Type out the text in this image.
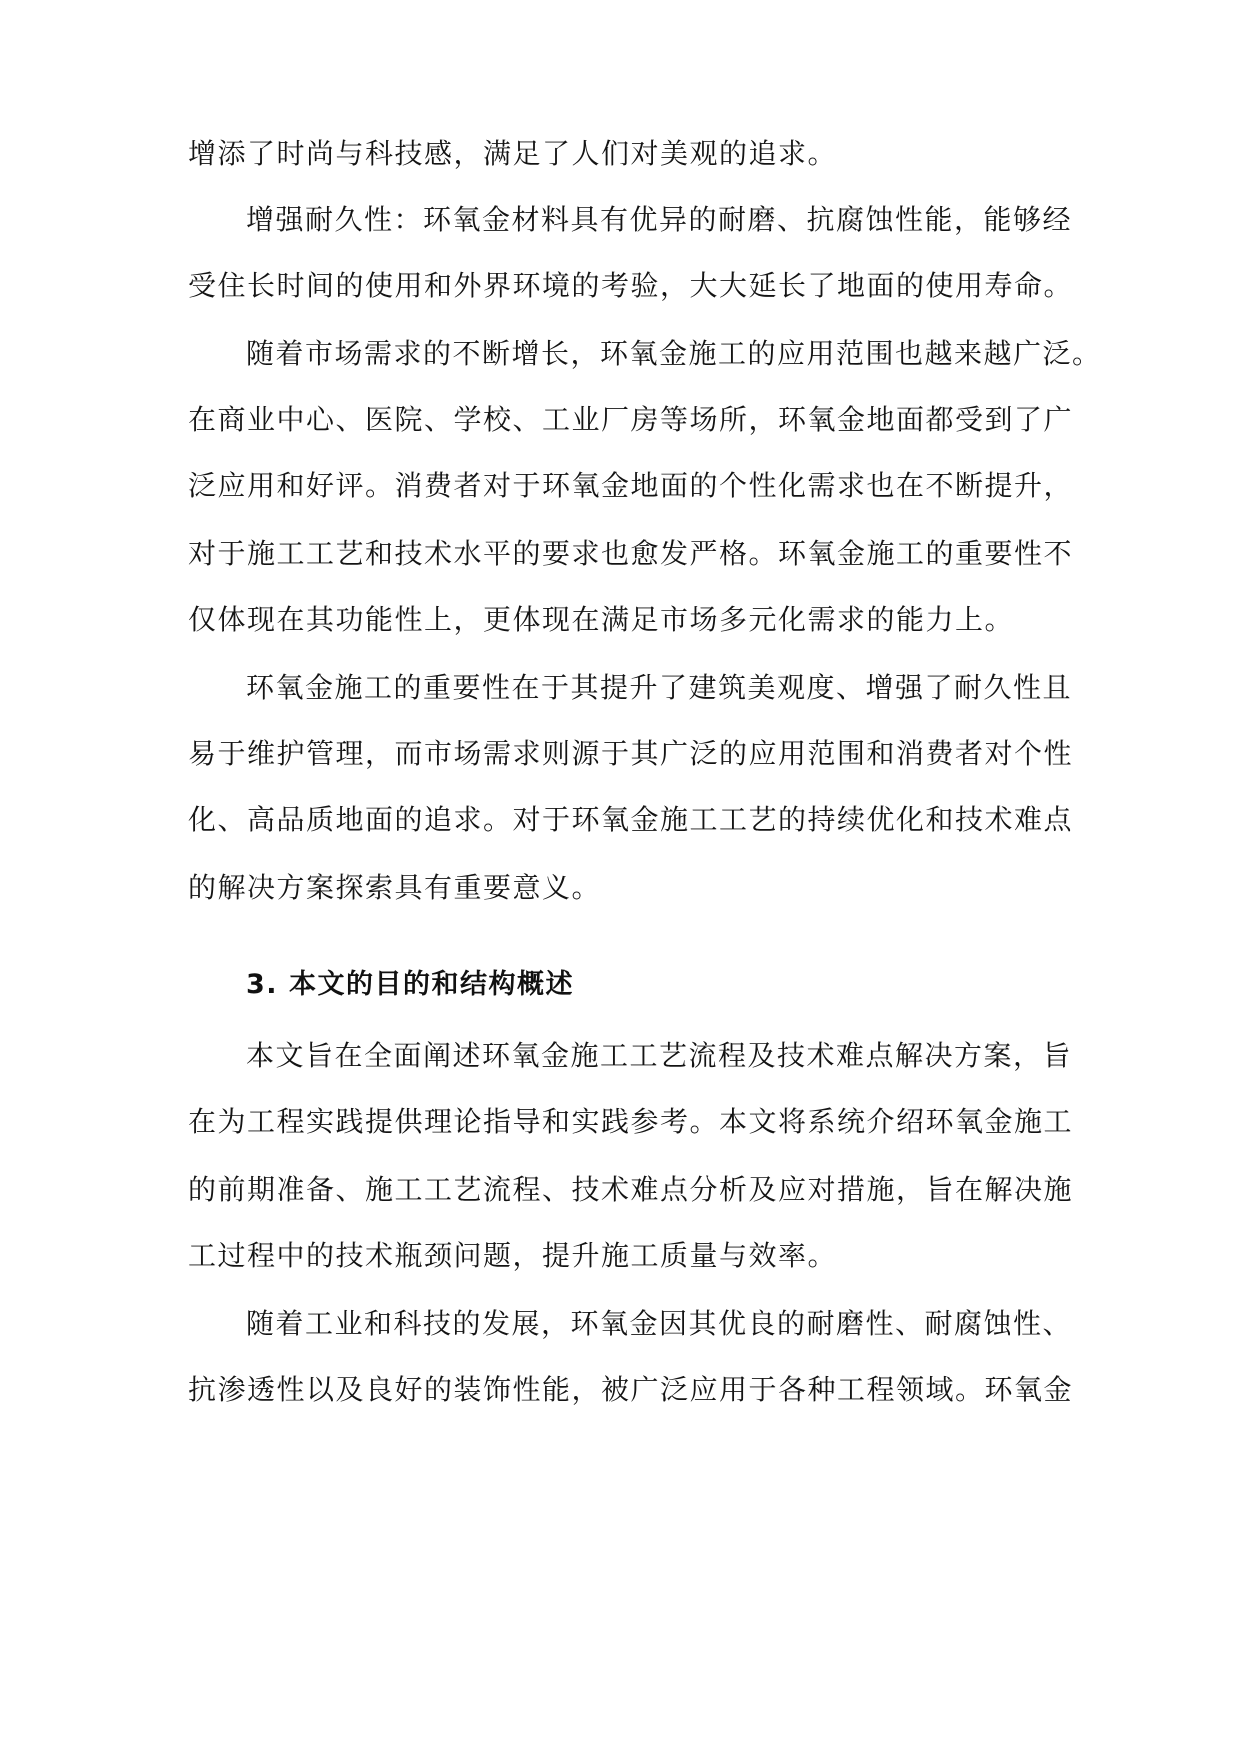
增添了时尚与科技感，满足了人们对美观的追求。
增强耐久性：环氧金材料具有优异的耐磨、抗腐蚀性能，能够经
受住长时间的使用和外界环境的考验，大大延长了地面的使用寿命。
随着市场需求的不断增长，环氧金施工的应用范围也越来越广泛。
在商业中心、医院、学校、工业厂房等场所，环氧金地面都受到了广
泛应用和好评。消费者对于环氧金地面的个性化需求也在不断提升，
对于施工工艺和技术水平的要求也愈发严格。环氧金施工的重要性不
仅体现在其功能性上，更体现在满足市场多元化需求的能力上。
环氧金施工的重要性在于其提升了建筑美观度、增强了耐久性且
易于维护管理，而市场需求则源于其广泛的应用范围和消费者对个性
化、高品质地面的追求。对于环氧金施工工艺的持续优化和技术难点
的解决方案探索具有重要意义。
3. 本文的目的和结构概述
本文旨在全面阐述环氧金施工工艺流程及技术难点解决方案，旨
在为工程实践提供理论指导和实践参考。本文将系统介绍环氧金施工
的前期准备、施工工艺流程、技术难点分析及应对措施，旨在解决施
工过程中的技术瓶颈问题，提升施工质量与效率。
随着工业和科技的发展，环氧金因其优良的耐磨性、耐腐蚀性、
抗渗透性以及良好的装饰性能，被广泛应用于各种工程领域。环氧金
